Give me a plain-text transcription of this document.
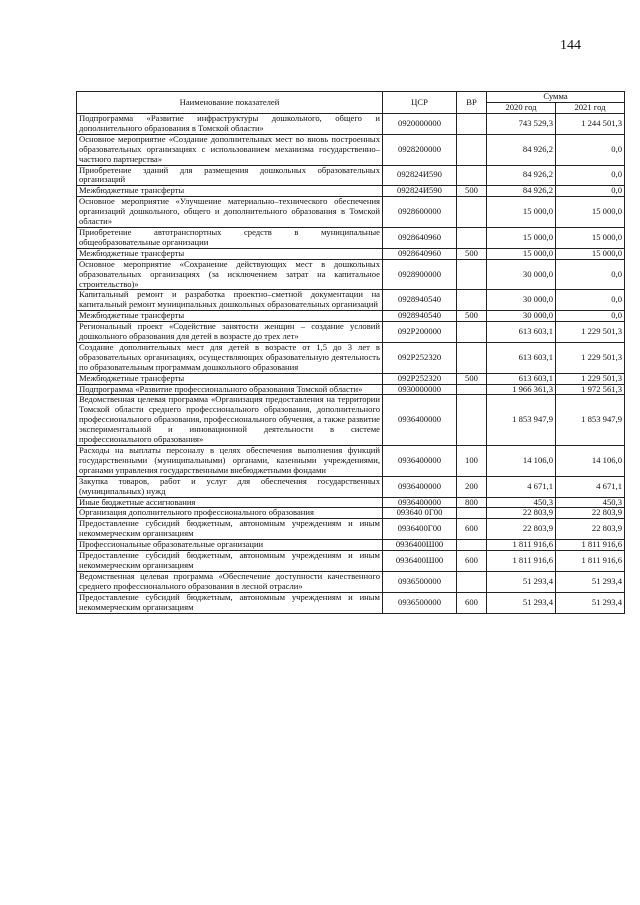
144
Наименование показателей	ЦСР	ВР	Сумма	
			2020 год	2021 год
Подпрограмма «Развитие инфраструктуры дошкольного, общего и дополнительного образования в Томской области»	0920000000		743 529,3	1 244 501,3
Основное мероприятие «Создание дополнительных мест во вновь построенных образовательных организациях с использованием механизма государственно–частного партнерства»	0928200000		84 926,2	0,0
Приобретение зданий для размещения дошкольных образовательных организаций	092824И590		84 926,2	0,0
Межбюджетные трансферты	092824И590	500	84 926,2	0,0
Основное мероприятие «Улучшение материально–технического обеспечения организаций дошкольного, общего и дополнительного образования в Томской области»	0928600000		15 000,0	15 000,0
Приобретение автотранспортных средств в муниципальные общеобразовательные организации	0928640960		15 000,0	15 000,0
Межбюджетные трансферты	0928640960	500	15 000,0	15 000,0
Основное мероприятие «Сохранение действующих мест в дошкольных образовательных организациях (за исключением затрат на капитальное строительство)»	0928900000		30 000,0	0,0
Капитальный ремонт и разработка проектно–сметной документации на капитальный ремонт муниципальных дошкольных образовательных организаций	0928940540		30 000,0	0,0
Межбюджетные трансферты	0928940540	500	30 000,0	0,0
Региональный проект «Содействие занятости женщин – создание условий дошкольного образования для детей в возрасте до трех лет»	092P200000		613 603,1	1 229 501,3
Создание дополнительных мест для детей в возрасте от 1,5 до 3 лет в образовательных организациях, осуществляющих образовательную деятельность по образовательным программам дошкольного образования	092P252320		613 603,1	1 229 501,3
Межбюджетные трансферты	092P252320	500	613 603,1	1 229 501,3
Подпрограмма «Развитие профессионального образования Томской области»	0930000000		1 966 361,3	1 972 561,3
Ведомственная целевая программа «Организация предоставления на территории Томской области среднего профессионального образования, дополнительного профессионального образования, профессионального обучения, а также развитие экспериментальной и инновационной деятельности в системе профессионального образования»	0936400000		1 853 947,9	1 853 947,9
Расходы на выплаты персоналу в целях обеспечения выполнения функций государственными (муниципальными) органами, казенными учреждениями, органами управления государственными внебюджетными фондами	0936400000	100	14 106,0	14 106,0
Закупка товаров, работ и услуг для обеспечения государственных (муниципальных) нужд	0936400000	200	4 671,1	4 671,1
Иные бюджетные ассигнования	0936400000	800	450,3	450,3
Организация дополнительного профессионального образования	093640 0Г00		22 803,9	22 803,9
Предоставление субсидий бюджетным, автономным учреждениям и иным некоммерческим организациям	0936400Г00	600	22 803,9	22 803,9
Профессиональные образовательные организации	0936400Ш00		1 811 916,6	1 811 916,6
Предоставление субсидий бюджетным, автономным учреждениям и иным некоммерческим организациям	0936400Ш00	600	1 811 916,6	1 811 916,6
Ведомственная целевая программа «Обеспечение доступности качественного среднего профессионального образования в лесной отрасли»	0936500000		51 293,4	51 293,4
Предоставление субсидий бюджетным, автономным учреждениям и иным некоммерческим организациям	0936500000	600	51 293,4	51 293,4
